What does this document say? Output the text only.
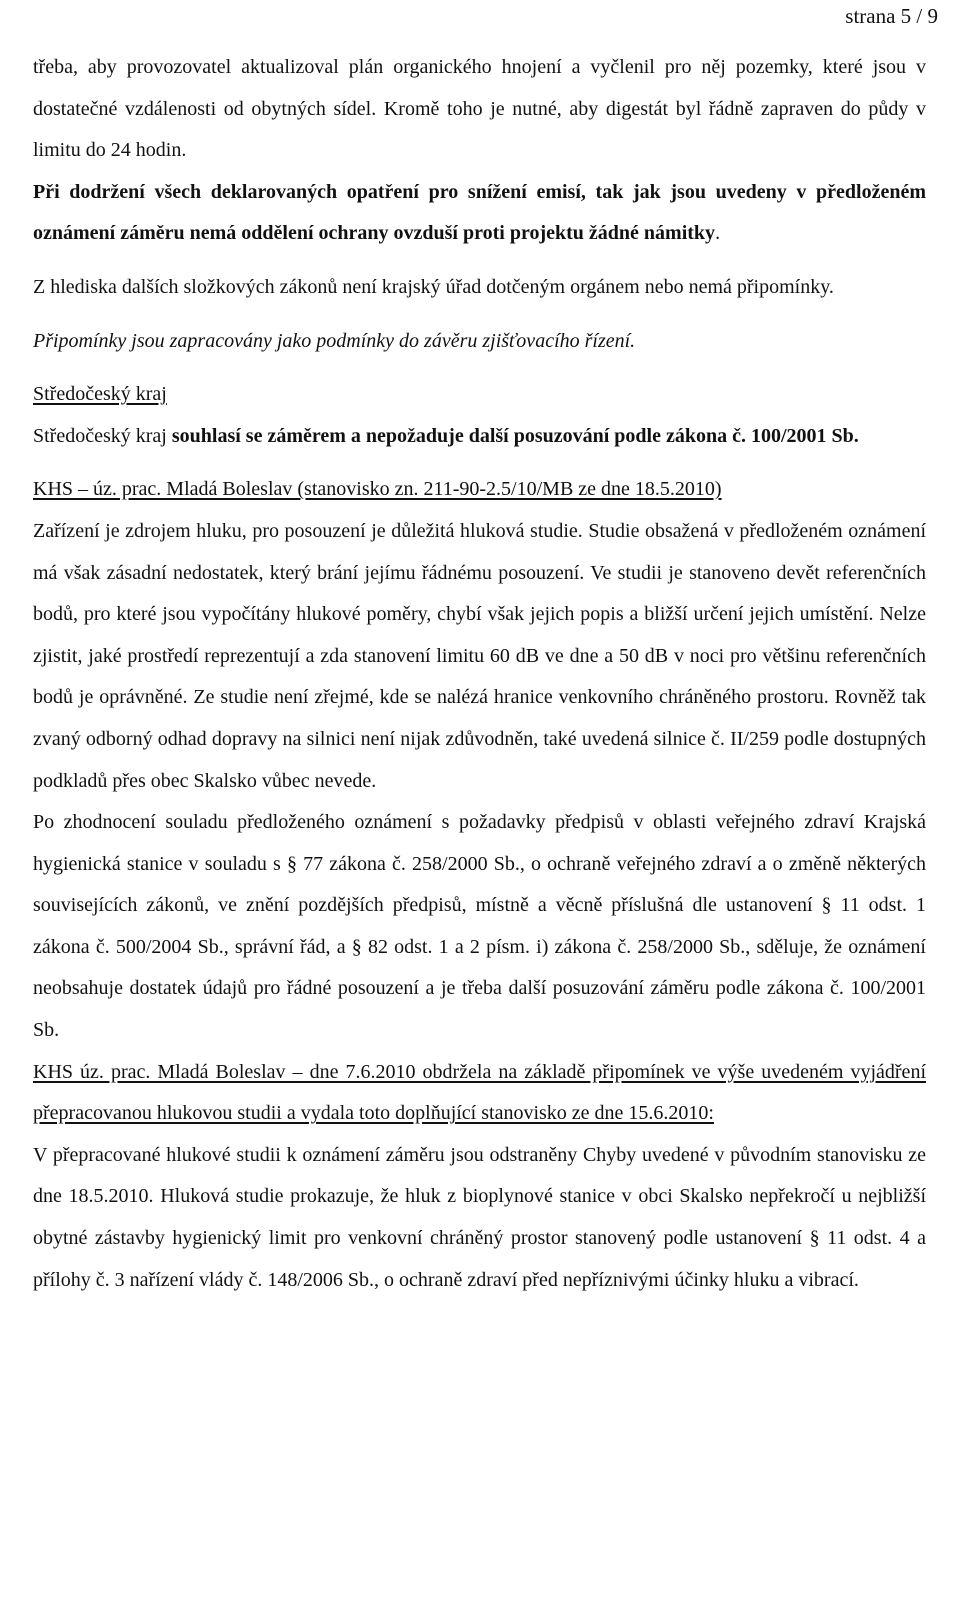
strana 5 / 9

třeba, aby provozovatel aktualizoval plán organického hnojení a vyčlenil pro něj pozemky, které jsou v dostatečné vzdálenosti od obytných sídel. Kromě toho je nutné, aby digestát byl řádně zapraven do půdy v limitu do 24 hodin.

Při dodržení všech deklarovaných opatření pro snížení emisí, tak jak jsou uvedeny v předloženém oznámení záměru nemá oddělení ochrany ovzduší proti projektu žádné námitky.

Z hlediska dalších složkových zákonů není krajský úřad dotčeným orgánem nebo nemá připomínky.

Připomínky jsou zapracovány jako podmínky do závěru zjišťovacího řízení.

Středočeský kraj

Středočeský kraj souhlasí se záměrem a nepožaduje další posuzování podle zákona č. 100/2001 Sb.

KHS – úz. prac. Mladá Boleslav (stanovisko zn. 211-90-2.5/10/MB ze dne 18.5.2010)

Zařízení je zdrojem hluku, pro posouzení je důležitá hluková studie. Studie obsažená v předloženém oznámení má však zásadní nedostatek, který brání jejímu řádnému posouzení. Ve studii je stanoveno devět referenčních bodů, pro které jsou vypočítány hlukové poměry, chybí však jejich popis a bližší určení jejich umístění. Nelze zjistit, jaké prostředí reprezentují a zda stanovení limitu 60 dB ve dne a 50 dB v noci pro většinu referenčních bodů je oprávněné. Ze studie není zřejmé, kde se nalézá hranice venkovního chráněného prostoru. Rovněž tak zvaný odborný odhad dopravy na silnici není nijak zdůvodněn, také uvedená silnice č. II/259 podle dostupných podkladů přes obec Skalsko vůbec nevede.

Po zhodnocení souladu předloženého oznámení s požadavky předpisů v oblasti veřejného zdraví Krajská hygienická stanice v souladu s § 77 zákona č. 258/2000 Sb., o ochraně veřejného zdraví a o změně některých souvisejících zákonů, ve znění pozdějších předpisů, místně a věcně příslušná dle ustanovení § 11 odst. 1 zákona č. 500/2004 Sb., správní řád, a § 82 odst. 1 a 2 písm. i) zákona č. 258/2000 Sb., sděluje, že oznámení neobsahuje dostatek údajů pro řádné posouzení a je třeba další posuzování záměru podle zákona č. 100/2001 Sb.

KHS úz. prac. Mladá Boleslav – dne 7.6.2010 obdržela na základě připomínek ve výše uvedeném vyjádření přepracovanou hlukovou studii a vydala toto doplňující stanovisko ze dne 15.6.2010:

V přepracované hlukové studii k oznámení záměru jsou odstraněny Chyby uvedené v původním stanovisku ze dne 18.5.2010. Hluková studie prokazuje, že hluk z bioplynové stanice v obci Skalsko nepřekročí u nejbližší obytné zástavby hygienický limit pro venkovní chráněný prostor stanovený podle ustanovení § 11 odst. 4 a přílohy č. 3 nařízení vlády č. 148/2006 Sb., o ochraně zdraví před nepříznivými účinky hluku a vibrací.
